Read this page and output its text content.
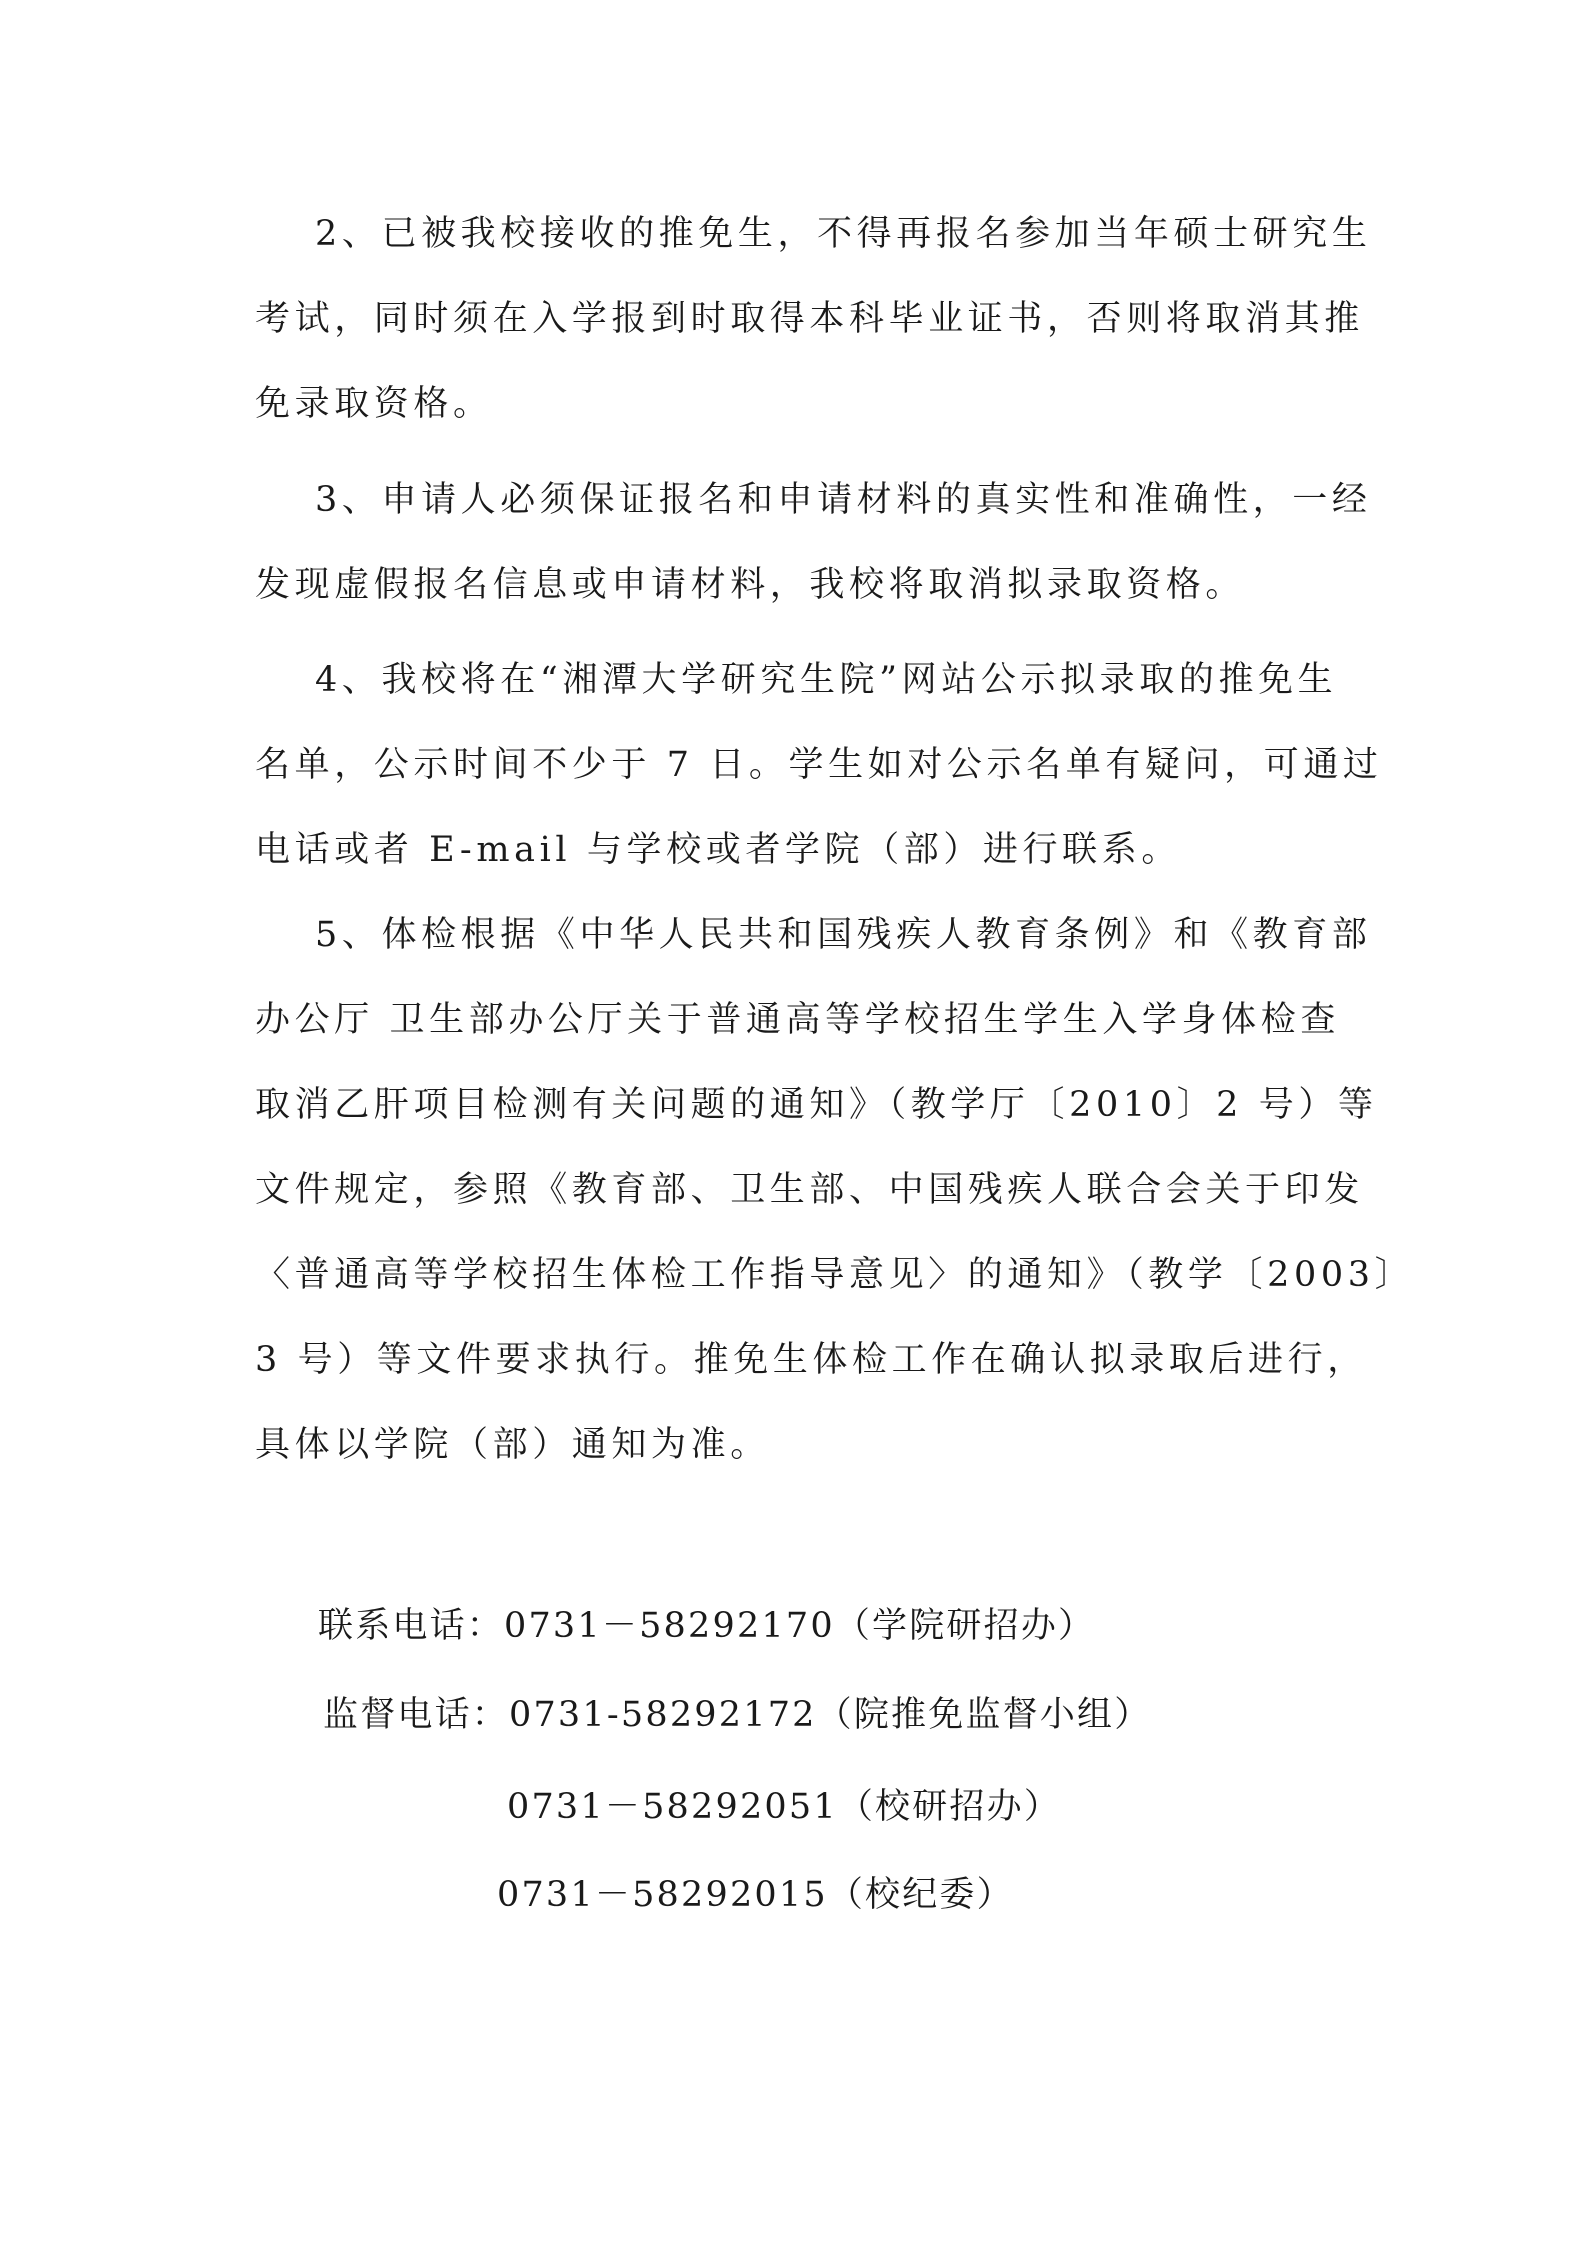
2、已被我校接收的推免生，不得再报名参加当年硕士研究生
考试，同时须在入学报到时取得本科毕业证书，否则将取消其推
免录取资格。
3、申请人必须保证报名和申请材料的真实性和准确性，一经
发现虚假报名信息或申请材料，我校将取消拟录取资格。
4、我校将在“湘潭大学研究生院”网站公示拟录取的推免生
名单，公示时间不少于 7 日。学生如对公示名单有疑问，可通过
电话或者 E-mail 与学校或者学院（部）进行联系。
5、体检根据《中华人民共和国残疾人教育条例》和《教育部
办公厅 卫生部办公厅关于普通高等学校招生学生入学身体检查
取消乙肝项目检测有关问题的通知》（教学厅〔2010〕2 号）等
文件规定，参照《教育部、卫生部、中国残疾人联合会关于印发
〈普通高等学校招生体检工作指导意见〉的通知》（教学〔2003〕
3 号）等文件要求执行。推免生体检工作在确认拟录取后进行，
具体以学院（部）通知为准。
联系电话：0731－58292170（学院研招办）
监督电话：0731-58292172（院推免监督小组）
0731－58292051（校研招办）
0731－58292015（校纪委）
